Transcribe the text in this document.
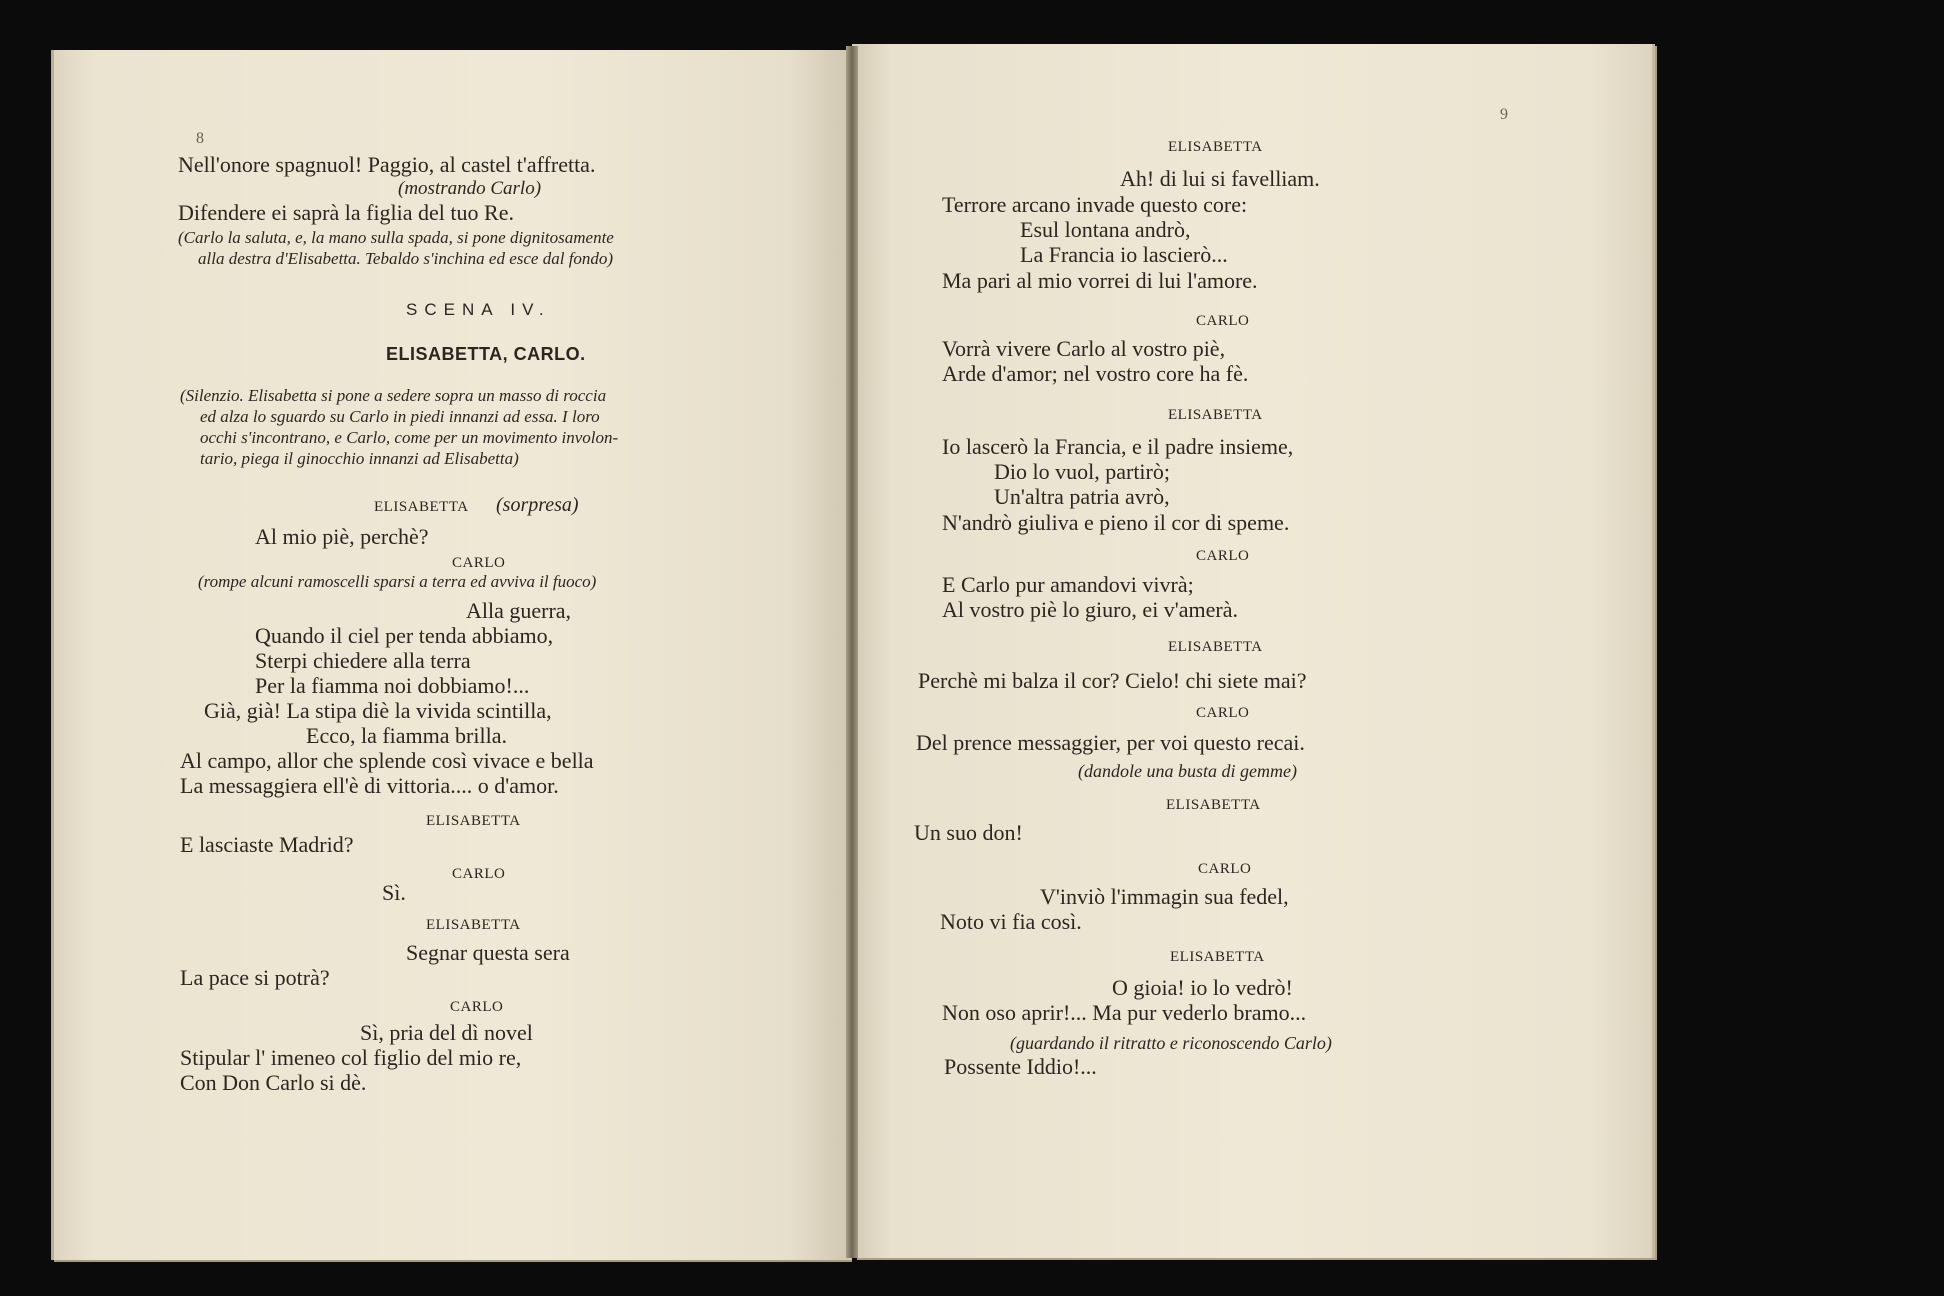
8
Nell'onore spagnuol! Paggio, al castel t'affretta.
(mostrando Carlo)
Difendere ei saprà la figlia del tuo Re.
(Carlo la saluta, e, la mano sulla spada, si pone dignitosamente
alla destra d'Elisabetta. Tebaldo s'inchina ed esce dal fondo)
SCENA IV.
ELISABETTA, CARLO.
(Silenzio. Elisabetta si pone a sedere sopra un masso di roccia
ed alza lo sguardo su Carlo in piedi innanzi ad essa. I loro
occhi s'incontrano, e Carlo, come per un movimento involon-
tario, piega il ginocchio innanzi ad Elisabetta)
ELISABETTA (sorpresa)
Al mio piè, perchè?
CARLO
(rompe alcuni ramoscelli sparsi a terra ed avviva il fuoco)
Alla guerra,
Quando il ciel per tenda abbiamo,
Sterpi chiedere alla terra
Per la fiamma noi dobbiamo!...
Già, già! La stipa diè la vivida scintilla,
Ecco, la fiamma brilla.
Al campo, allor che splende così vivace e bella
La messaggiera ell'è di vittoria.... o d'amor.
ELISABETTA
E lasciaste Madrid?
CARLO
Sì.
ELISABETTA
Segnar questa sera
La pace si potrà?
CARLO
Sì, pria del dì novel
Stipular l' imeneo col figlio del mio re,
Con Don Carlo si dè.
9
ELISABETTA
Ah! di lui si favelliam.
Terrore arcano invade questo core:
Esul lontana andrò,
La Francia io lascierò...
Ma pari al mio vorrei di lui l'amore.
CARLO
Vorrà vivere Carlo al vostro piè,
Arde d'amor; nel vostro core ha fè.
ELISABETTA
Io lascerò la Francia, e il padre insieme,
Dio lo vuol, partirò;
Un'altra patria avrò,
N'andrò giuliva e pieno il cor di speme.
CARLO
E Carlo pur amandovi vivrà;
Al vostro piè lo giuro, ei v'amerà.
ELISABETTA
Perchè mi balza il cor? Cielo! chi siete mai?
CARLO
Del prence messaggier, per voi questo recai.
(dandole una busta di gemme)
ELISABETTA
Un suo don!
CARLO
V'inviò l'immagin sua fedel,
Noto vi fia così.
ELISABETTA
O gioia! io lo vedrò!
Non oso aprir!... Ma pur vederlo bramo...
(guardando il ritratto e riconoscendo Carlo)
Possente Iddio!...
